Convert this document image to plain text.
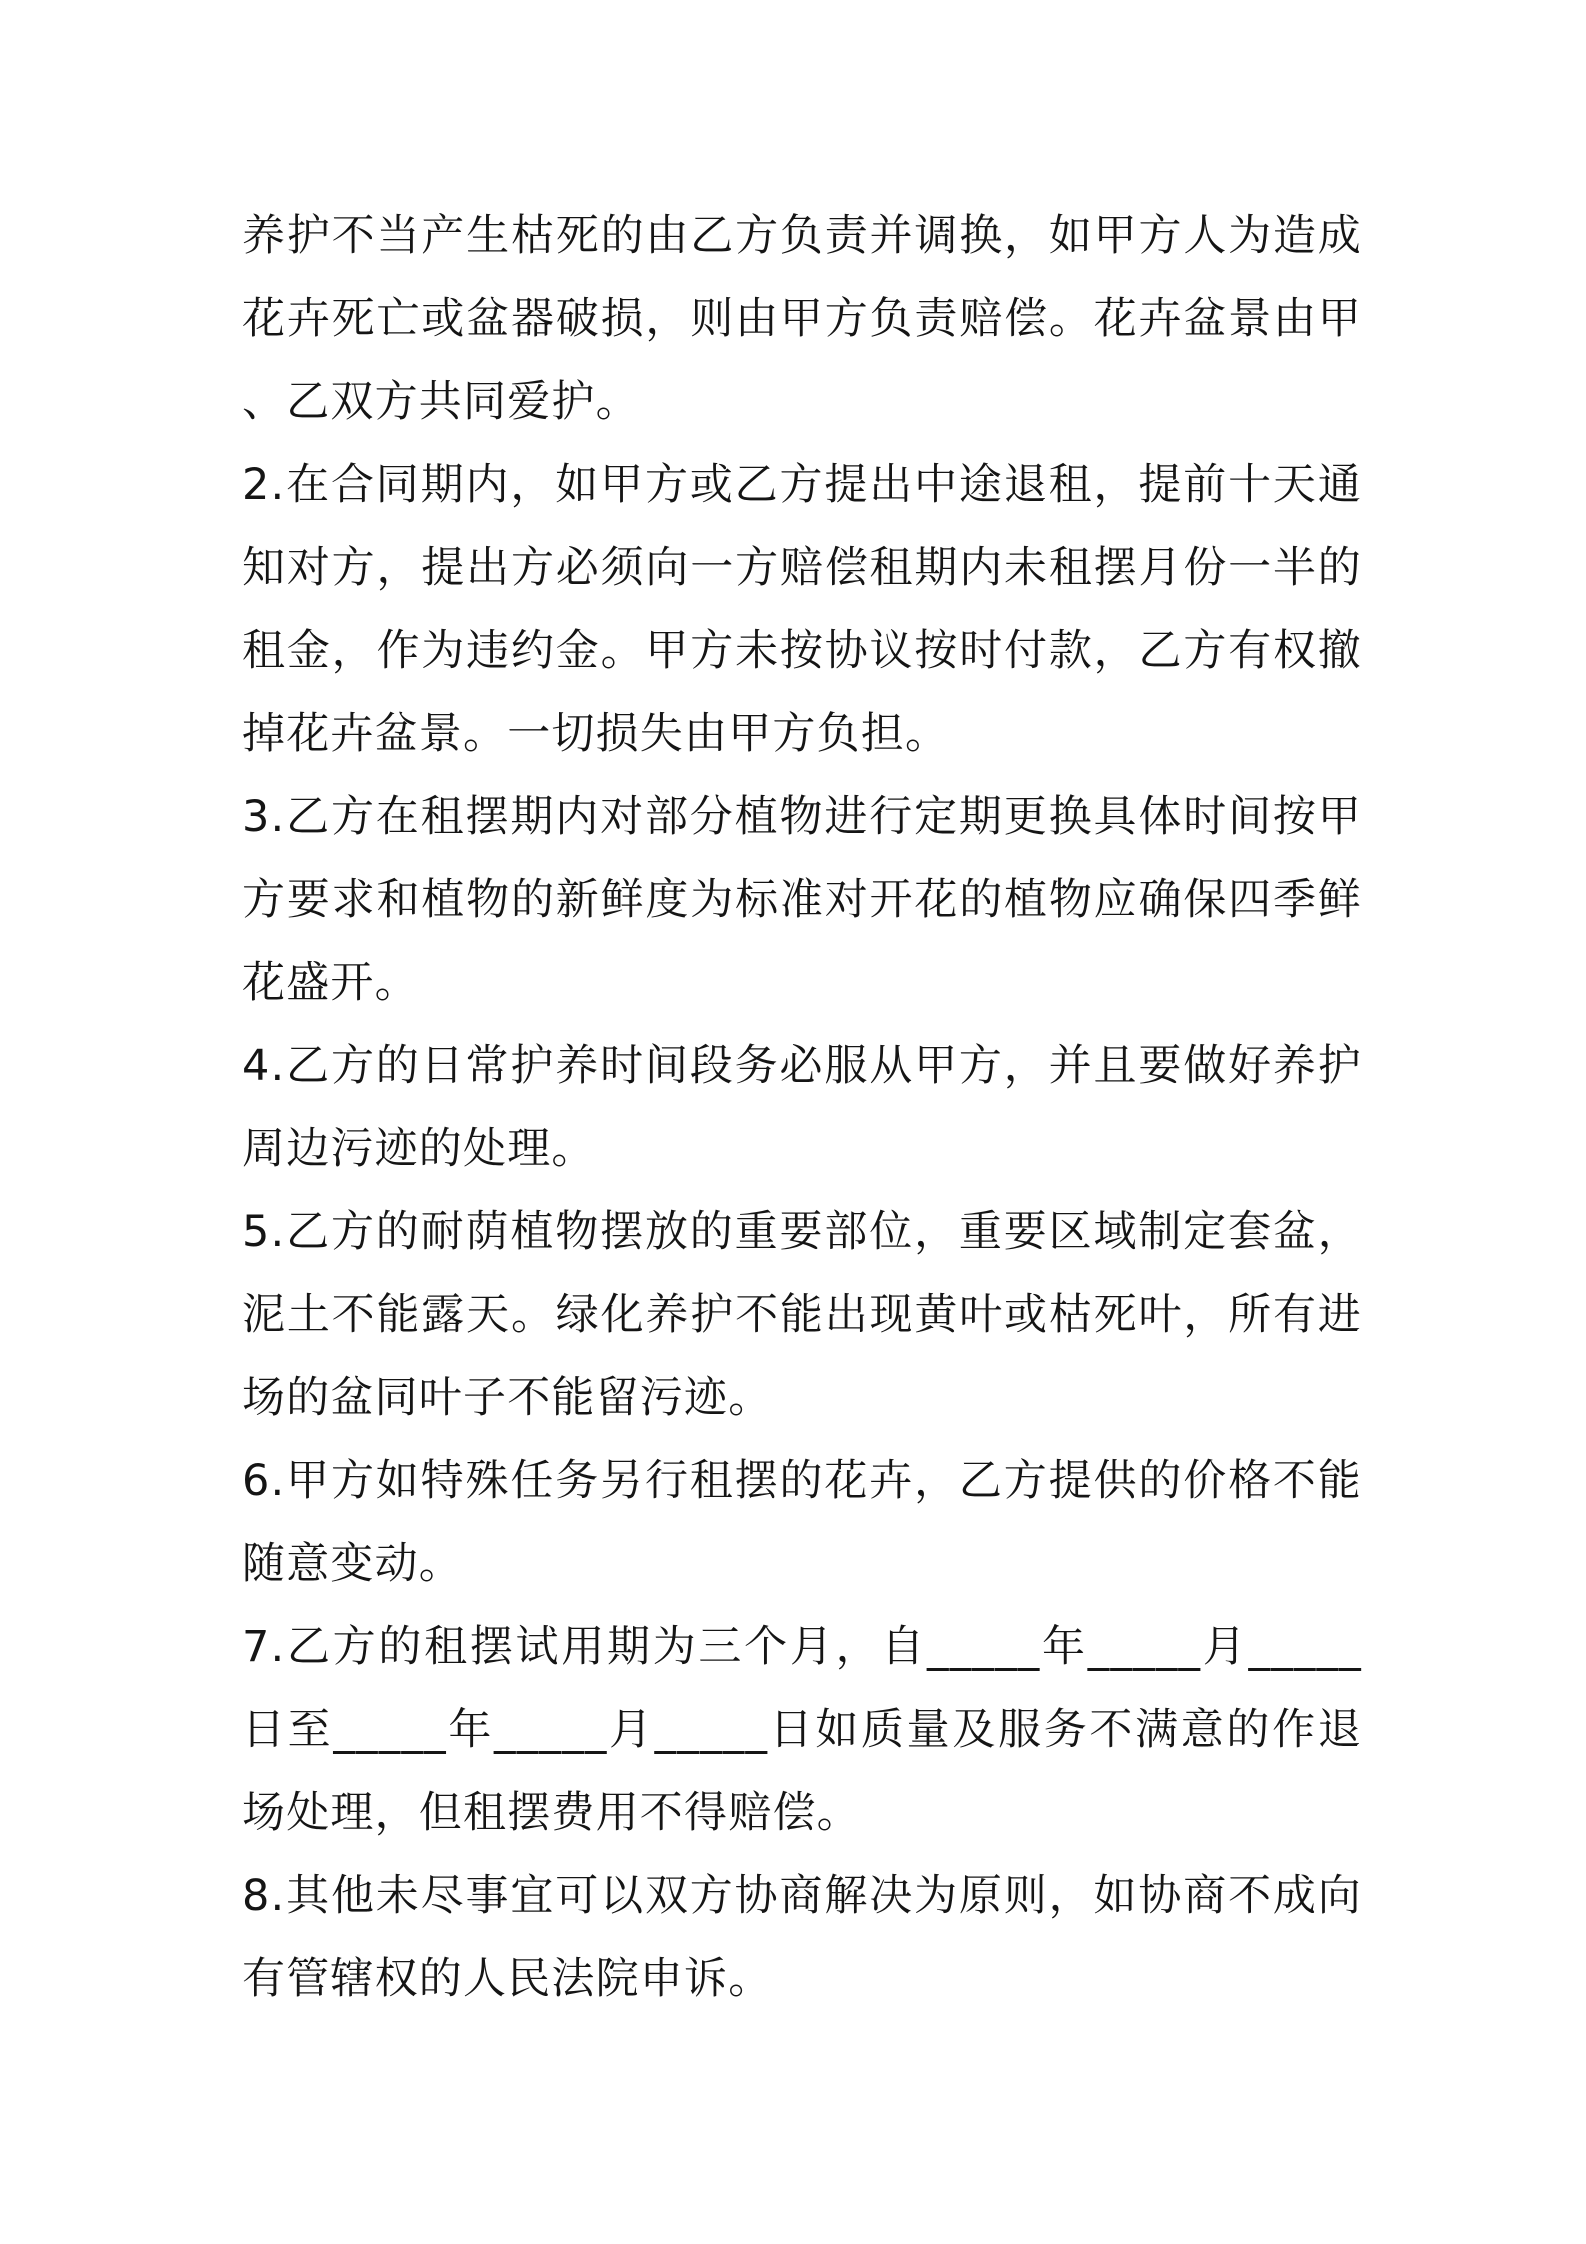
养护不当产生枯死的由乙方负责并调换，如甲方人为造成花卉死亡或盆器破损，则由甲方负责赔偿。花卉盆景由甲、乙双方共同爱护。

2.在合同期内，如甲方或乙方提出中途退租，提前十天通知对方，提出方必须向一方赔偿租期内未租摆月份一半的租金，作为违约金。甲方未按协议按时付款，乙方有权撤掉花卉盆景。一切损失由甲方负担。

3.乙方在租摆期内对部分植物进行定期更换具体时间按甲方要求和植物的新鲜度为标准对开花的植物应确保四季鲜花盛开。

4.乙方的日常护养时间段务必服从甲方，并且要做好养护周边污迹的处理。

5.乙方的耐荫植物摆放的重要部位，重要区域制定套盆，泥土不能露天。绿化养护不能出现黄叶或枯死叶，所有进场的盆同叶子不能留污迹。

6.甲方如特殊任务另行租摆的花卉，乙方提供的价格不能随意变动。

7.乙方的租摆试用期为三个月，自_____年_____月_____日至_____年_____月_____日如质量及服务不满意的作退场处理，但租摆费用不得赔偿。

8.其他未尽事宜可以双方协商解决为原则，如协商不成向有管辖权的人民法院申诉。
